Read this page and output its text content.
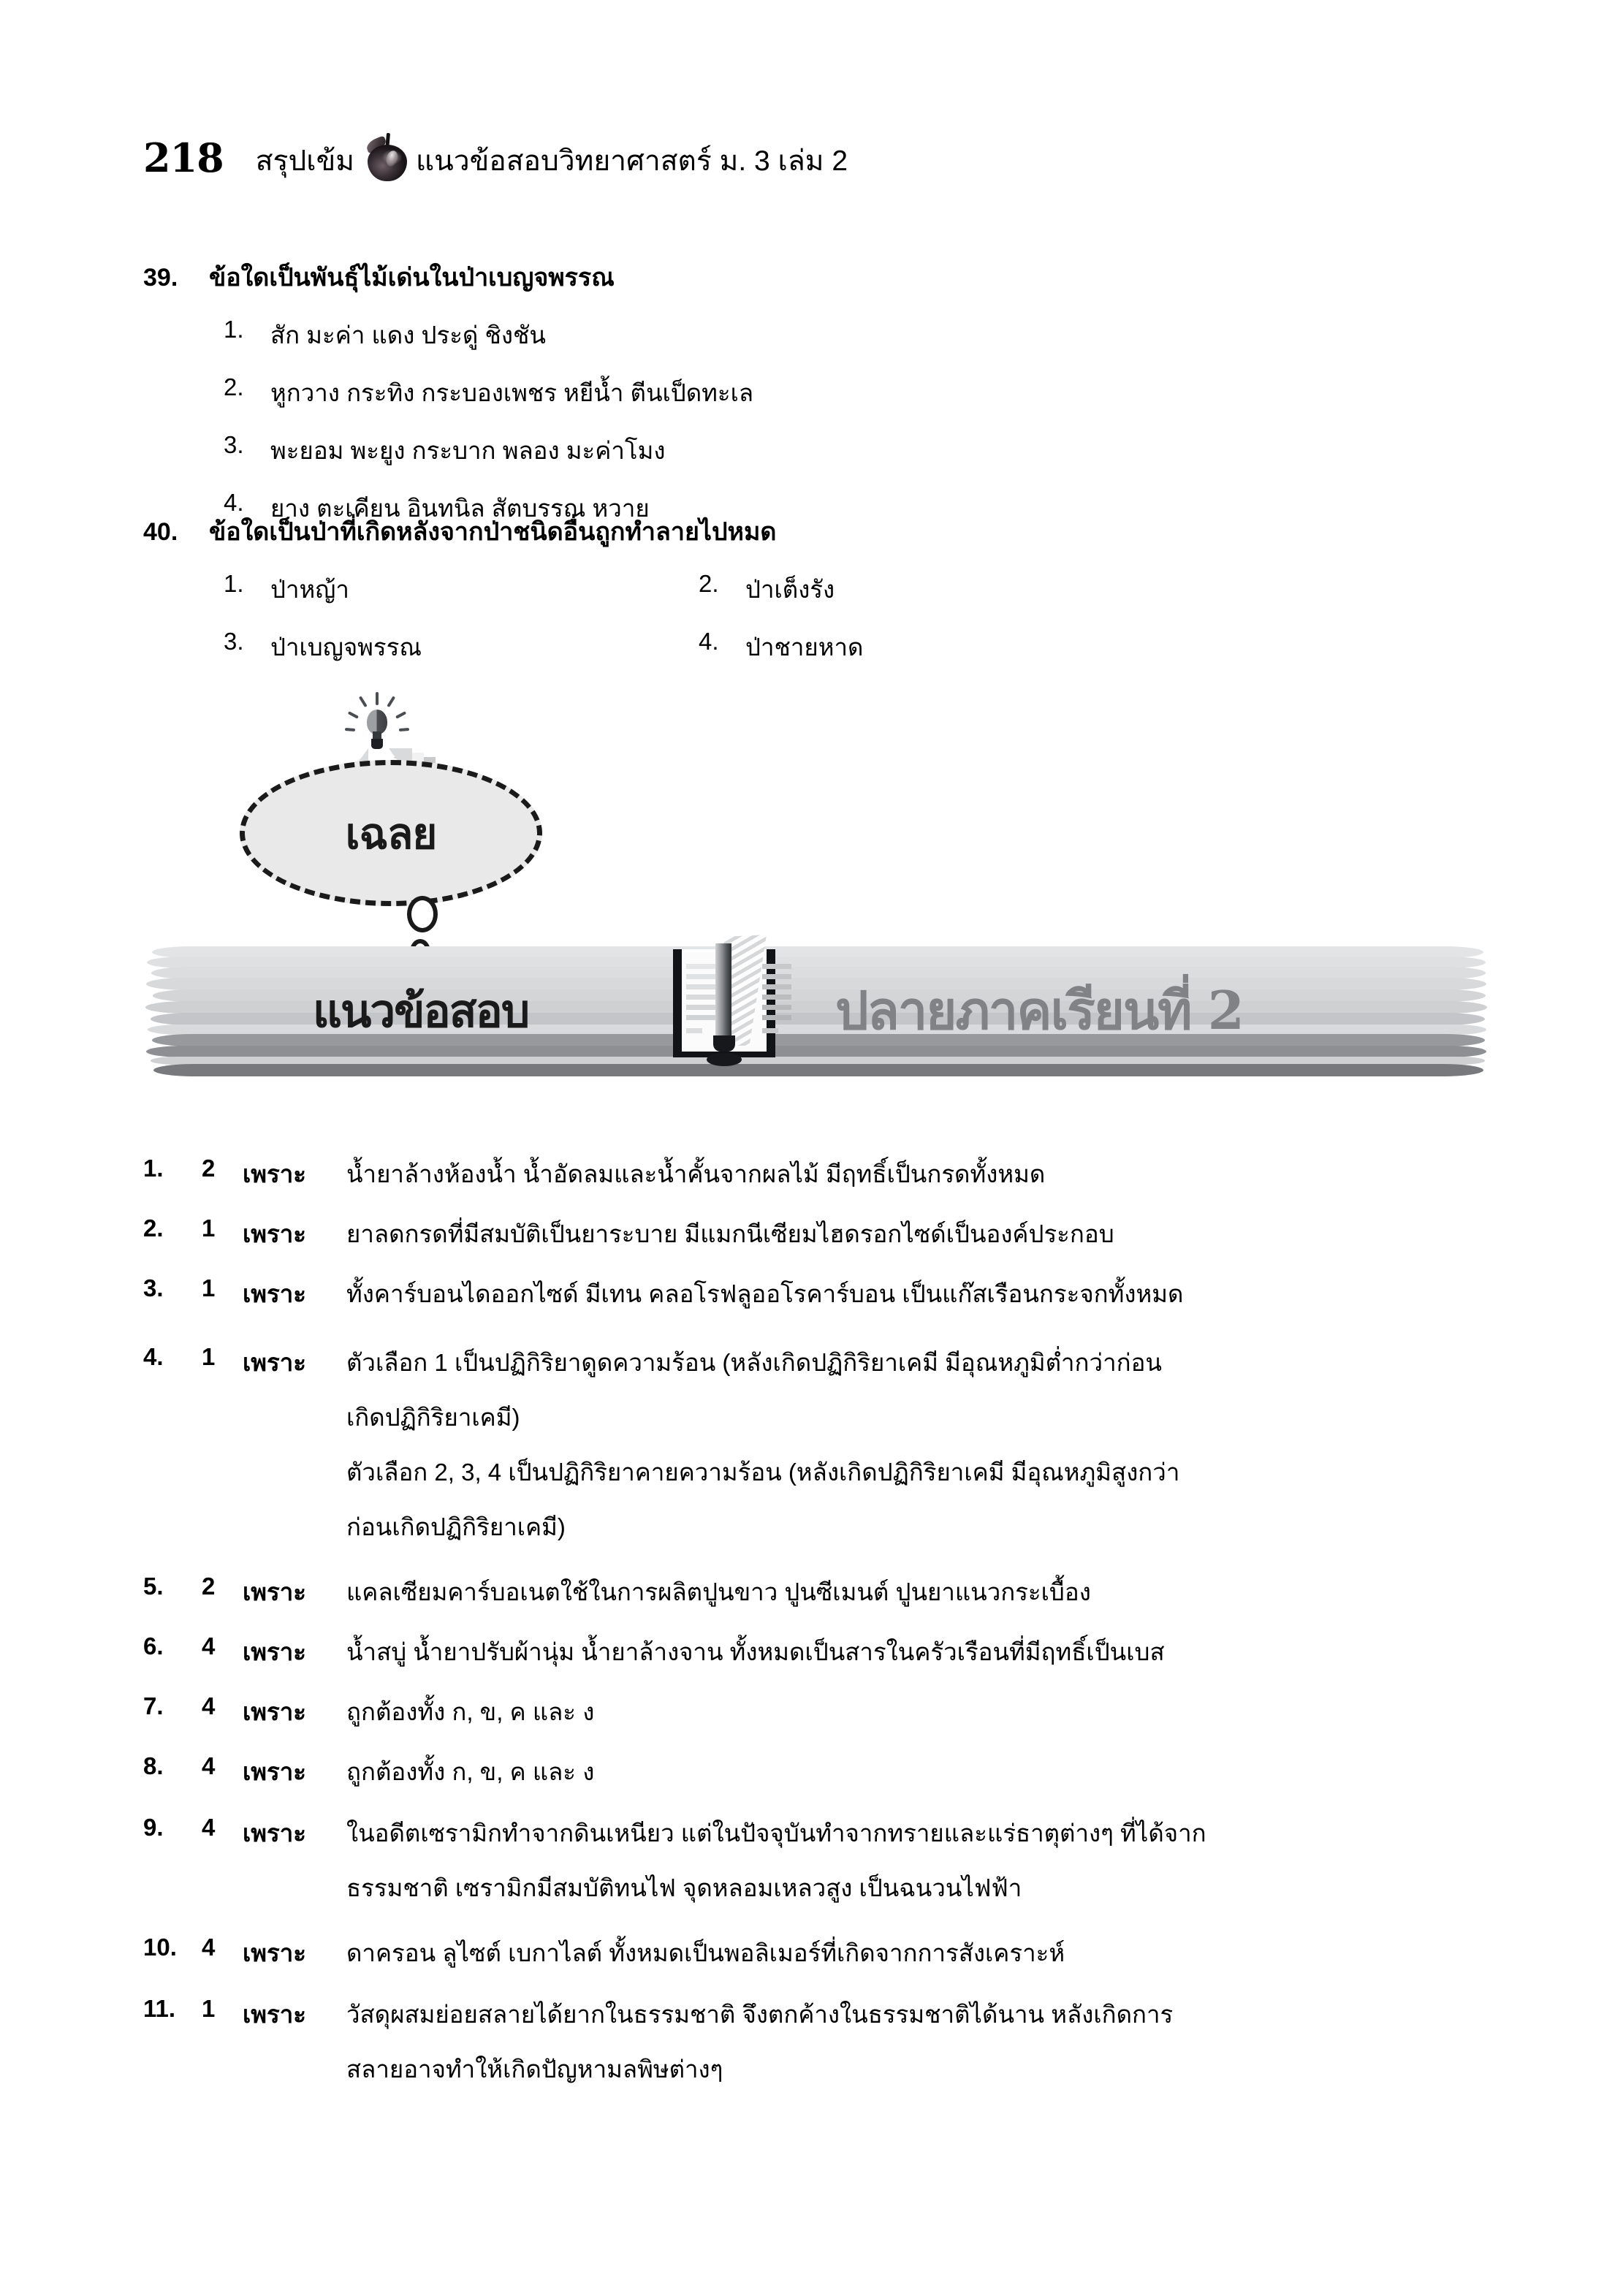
218 สรุปเข้ม แนวข้อสอบวิทยาศาสตร์ ม. 3 เล่ม 2
39.	ข้อใดเป็นพันธุ์ไม้เด่นในป่าเบญจพรรณ
1.	สัก มะค่า แดง ประดู่ ชิงชัน
2.	หูกวาง กระทิง กระบองเพชร หยีน้ำ ตีนเป็ดทะเล
3.	พะยอม พะยูง กระบาก พลอง มะค่าโมง
4.	ยาง ตะเคียน อินทนิล สัตบรรณ หวาย
40.	ข้อใดเป็นป่าที่เกิดหลังจากป่าชนิดอื่นถูกทำลายไปหมด
1.	ป่าหญ้า	2.	ป่าเต็งรัง
3.	ป่าเบญจพรรณ	4.	ป่าชายหาด
เฉลย
แนวข้อสอบ	ปลายภาคเรียนที่ 2
1.	2	เพราะ	น้ำยาล้างห้องน้ำ น้ำอัดลมและน้ำคั้นจากผลไม้ มีฤทธิ์เป็นกรดทั้งหมด
2.	1	เพราะ	ยาลดกรดที่มีสมบัติเป็นยาระบาย มีแมกนีเซียมไฮดรอกไซด์เป็นองค์ประกอบ
3.	1	เพราะ	ทั้งคาร์บอนไดออกไซด์ มีเทน คลอโรฟลูออโรคาร์บอน เป็นแก๊สเรือนกระจกทั้งหมด
4.	1	เพราะ	ตัวเลือก 1 เป็นปฏิกิริยาดูดความร้อน (หลังเกิดปฏิกิริยาเคมี มีอุณหภูมิต่ำกว่าก่อน
เกิดปฏิกิริยาเคมี)
ตัวเลือก 2, 3, 4 เป็นปฏิกิริยาคายความร้อน (หลังเกิดปฏิกิริยาเคมี มีอุณหภูมิสูงกว่า
ก่อนเกิดปฏิกิริยาเคมี)
5.	2	เพราะ	แคลเซียมคาร์บอเนตใช้ในการผลิตปูนขาว ปูนซีเมนต์ ปูนยาแนวกระเบื้อง
6.	4	เพราะ	น้ำสบู่ น้ำยาปรับผ้านุ่ม น้ำยาล้างจาน ทั้งหมดเป็นสารในครัวเรือนที่มีฤทธิ์เป็นเบส
7.	4	เพราะ	ถูกต้องทั้ง ก, ข, ค และ ง
8.	4	เพราะ	ถูกต้องทั้ง ก, ข, ค และ ง
9.	4	เพราะ	ในอดีตเซรามิกทำจากดินเหนียว แต่ในปัจจุบันทำจากทรายและแร่ธาตุต่างๆ ที่ได้จาก
ธรรมชาติ เซรามิกมีสมบัติทนไฟ จุดหลอมเหลวสูง เป็นฉนวนไฟฟ้า
10.	4	เพราะ	ดาครอน ลูไซต์ เบกาไลต์ ทั้งหมดเป็นพอลิเมอร์ที่เกิดจากการสังเคราะห์
11.	1	เพราะ	วัสดุผสมย่อยสลายได้ยากในธรรมชาติ จึงตกค้างในธรรมชาติได้นาน หลังเกิดการ
สลายอาจทำให้เกิดปัญหามลพิษต่างๆ
